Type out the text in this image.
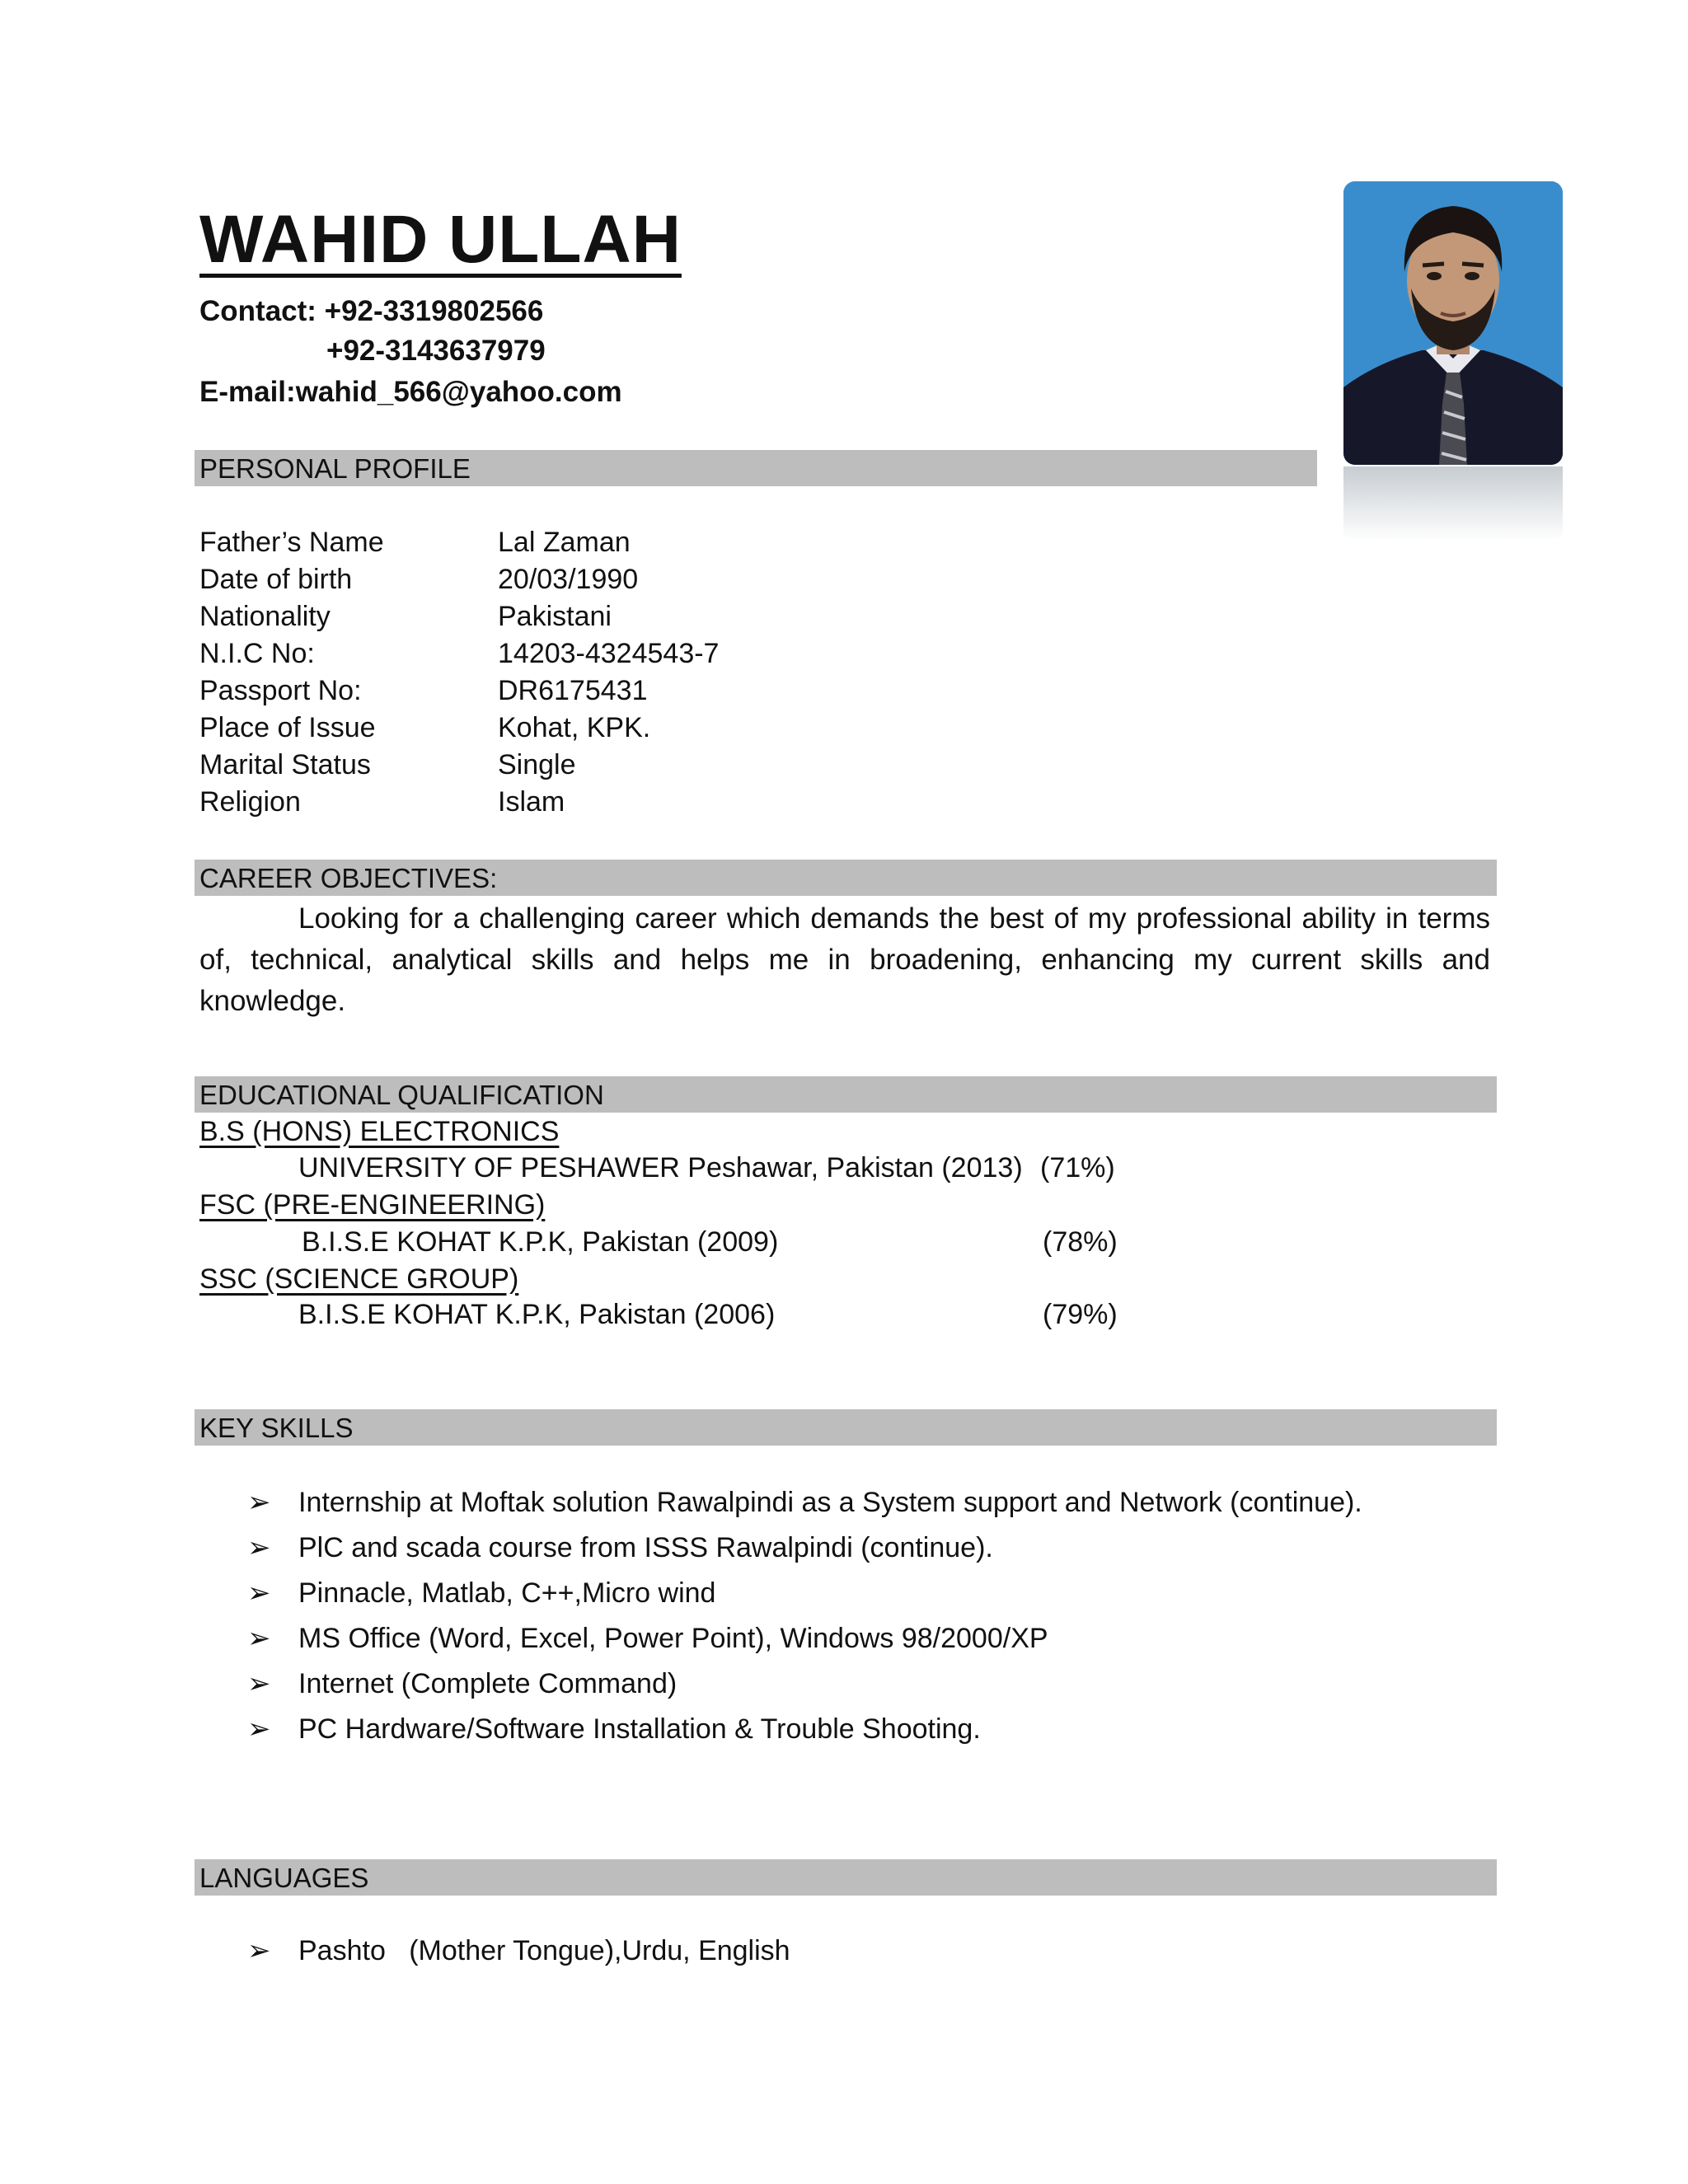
WAHID ULLAH
Contact: +92-3319802566
+92-3143637979
E-mail:wahid_566@yahoo.com
PERSONAL PROFILE
Father’s Name	Lal Zaman
Date of birth	20/03/1990
Nationality	Pakistani
N.I.C No:	14203-4324543-7
Passport No:	DR6175431
Place of Issue	Kohat, KPK.
Marital Status	Single
Religion	Islam
CAREER OBJECTIVES:

Looking for a challenging career which demands the best of my professional ability in terms of, technical, analytical skills and helps me in broadening, enhancing my current skills and knowledge.

EDUCATIONAL QUALIFICATION
B.S (HONS) ELECTRONICS
UNIVERSITY OF PESHAWER Peshawar, Pakistan (2013) (71%)
FSC (PRE-ENGINEERING)
B.I.S.E KOHAT K.P.K, Pakistan (2009)	(78%)
SSC (SCIENCE GROUP)
B.I.S.E KOHAT K.P.K, Pakistan (2006)	(79%)
KEY SKILLS
➢ Internship at Moftak solution Rawalpindi as a System support and Network (continue).
➢ PlC and scada course from ISSS Rawalpindi (continue).
➢ Pinnacle, Matlab, C++,Micro wind
➢ MS Office (Word, Excel, Power Point), Windows 98/2000/XP
➢ Internet (Complete Command)
➢ PC Hardware/Software Installation & Trouble Shooting.
LANGUAGES
➢ Pashto   (Mother Tongue),Urdu, English
